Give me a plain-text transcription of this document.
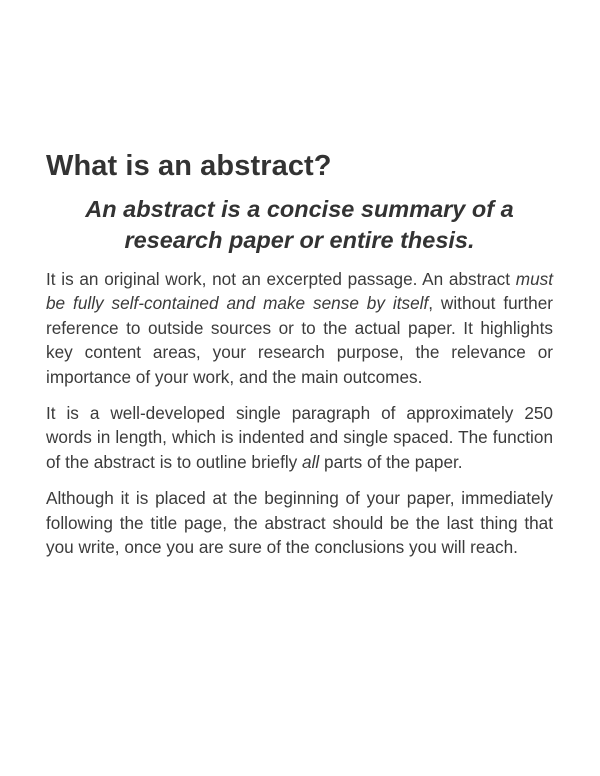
What is an abstract?
An abstract is a concise summary of a
research paper or entire thesis.

It is an original work, not an excerpted passage. An abstract must be fully self-contained and make sense by itself, without further reference to outside sources or to the actual paper. It highlights key content areas, your research purpose, the relevance or importance of your work, and the main outcomes.

It is a well-developed single paragraph of approximately 250 words in length, which is indented and single spaced. The function of the abstract is to outline briefly all parts of the paper.

Although it is placed at the beginning of your paper, immediately following the title page, the abstract should be the last thing that you write, once you are sure of the conclusions you will reach.
